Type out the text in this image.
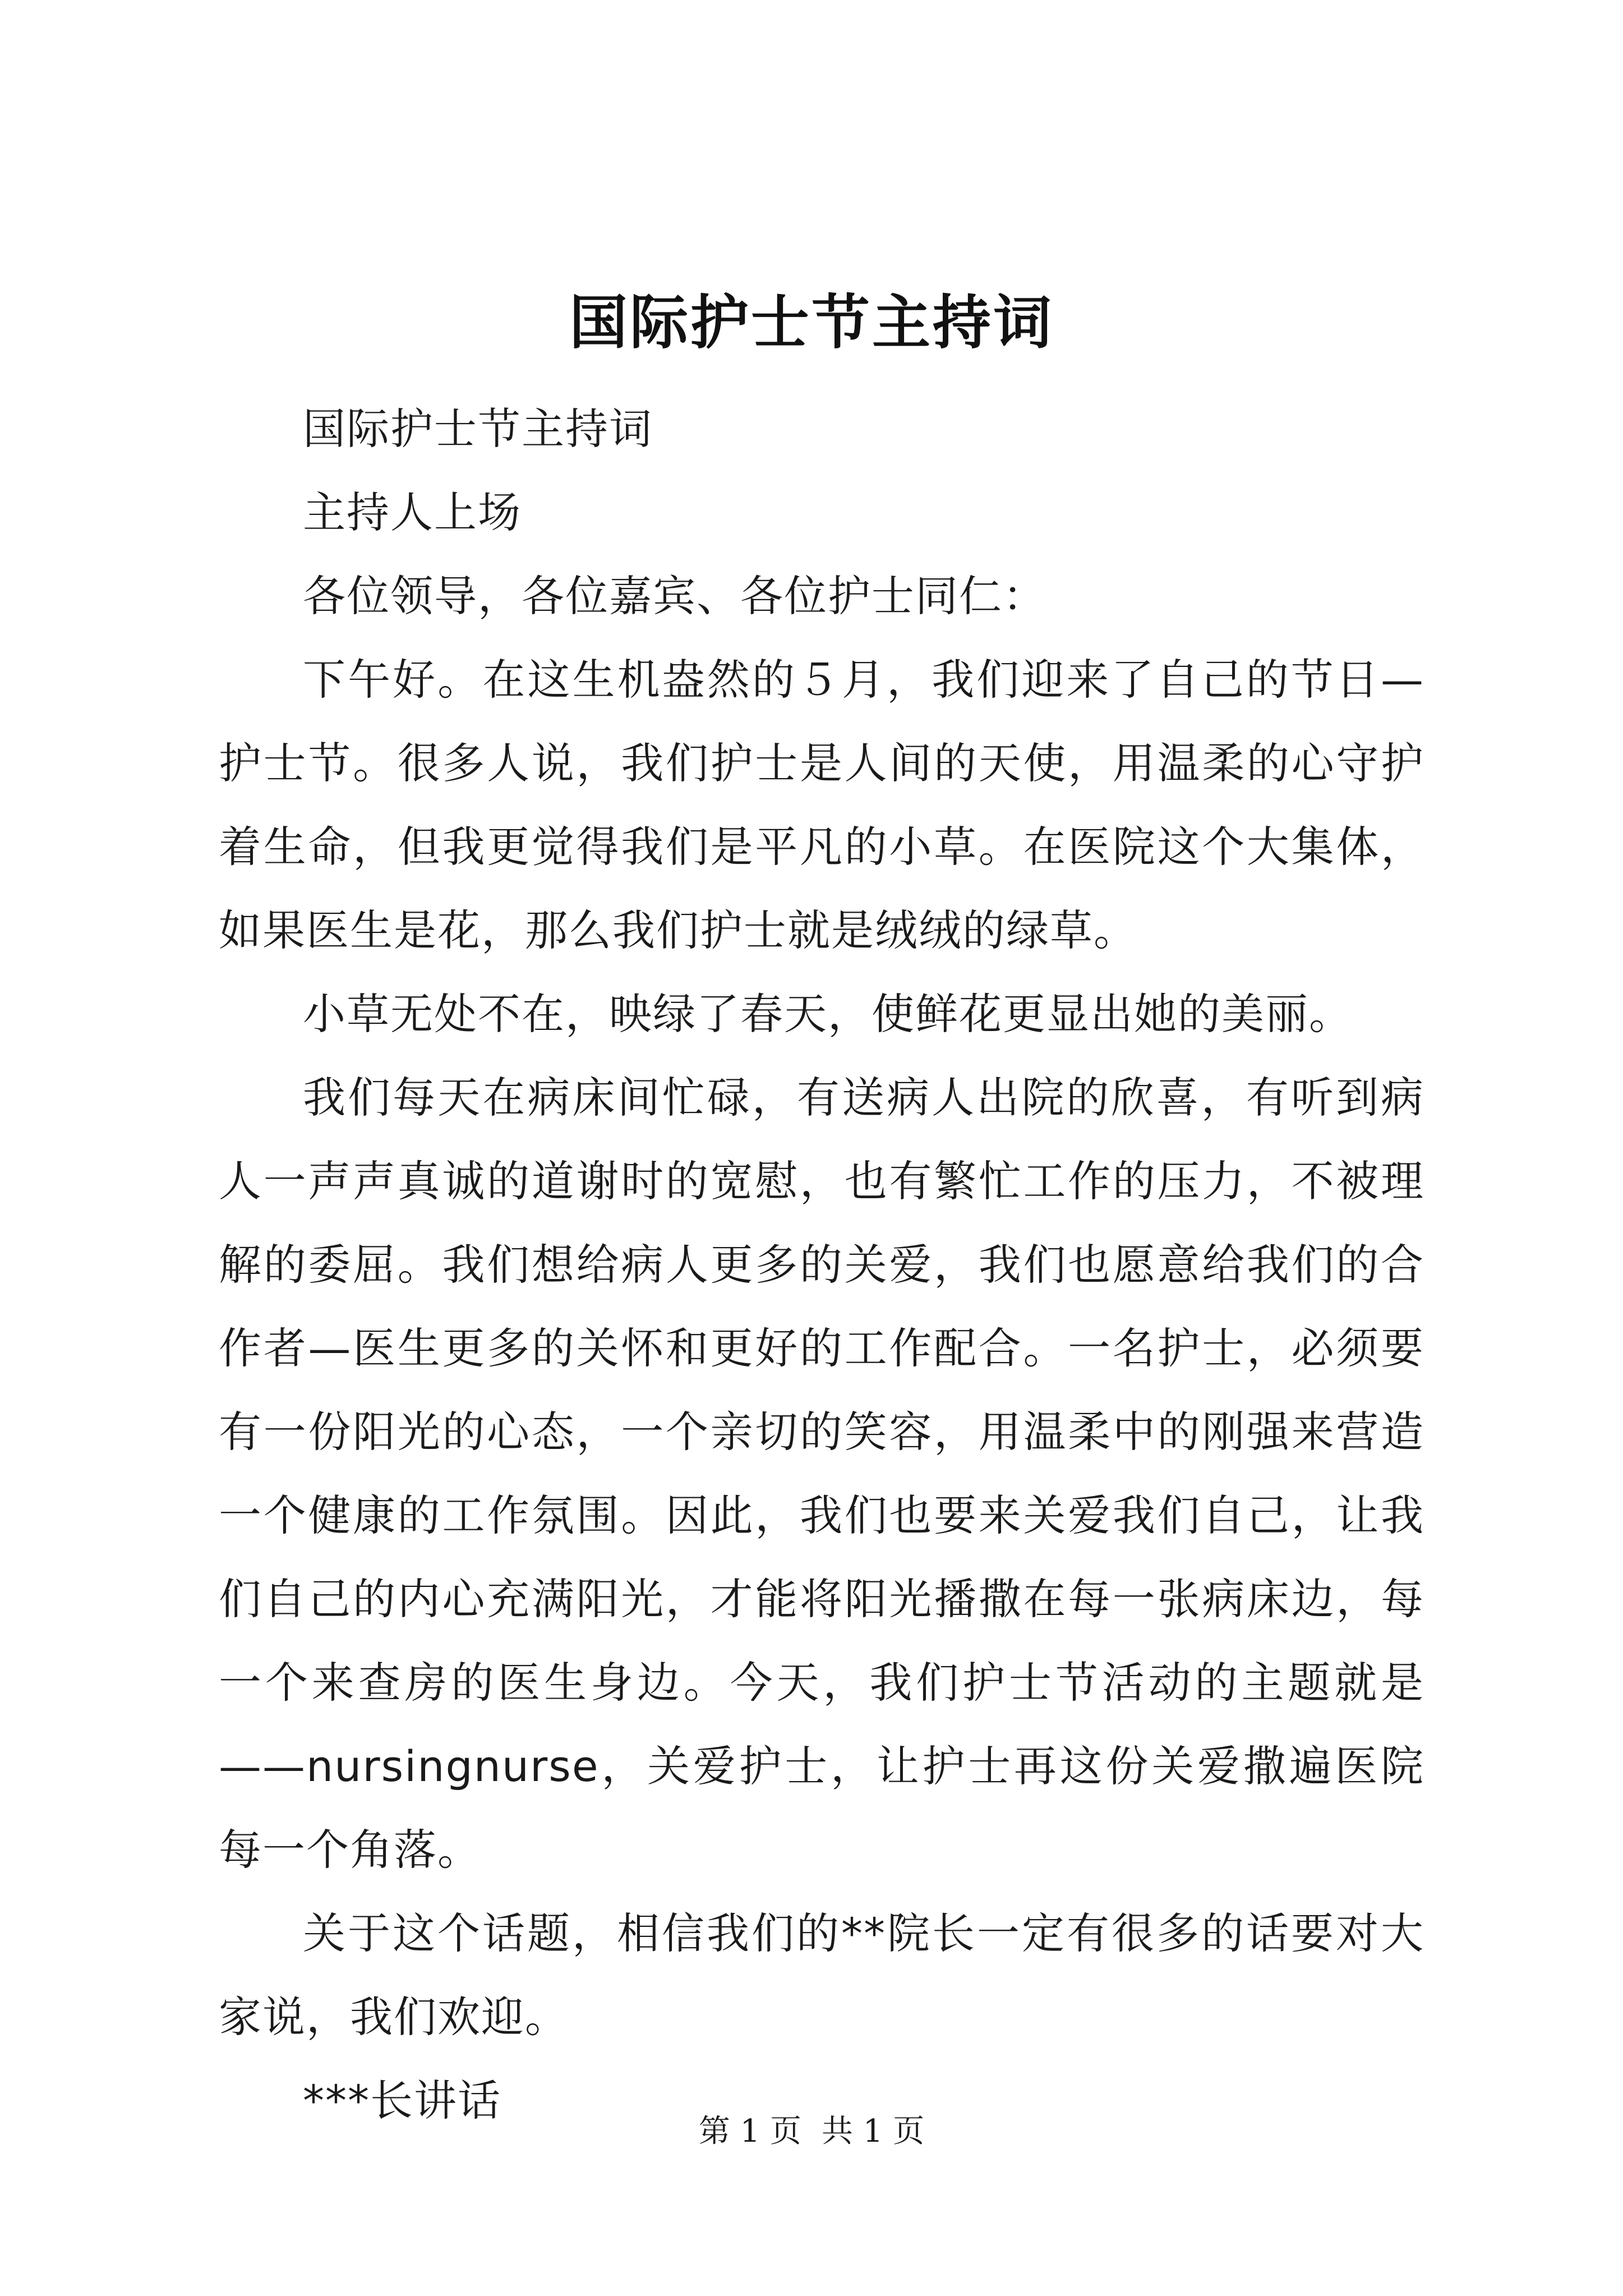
国际护士节主持词

国际护士节主持词

主持人上场

各位领导，各位嘉宾、各位护士同仁：

下午好。在这生机盎然的５月，我们迎来了自己的节日—护士节。很多人说，我们护士是人间的天使，用温柔的心守护着生命，但我更觉得我们是平凡的小草。在医院这个大集体，如果医生是花，那么我们护士就是绒绒的绿草。

小草无处不在，映绿了春天，使鲜花更显出她的美丽。

我们每天在病床间忙碌，有送病人出院的欣喜，有听到病人一声声真诚的道谢时的宽慰，也有繁忙工作的压力，不被理解的委屈。我们想给病人更多的关爱，我们也愿意给我们的合作者—医生更多的关怀和更好的工作配合。一名护士，必须要有一份阳光的心态，一个亲切的笑容，用温柔中的刚强来营造一个健康的工作氛围。因此，我们也要来关爱我们自己，让我们自己的内心充满阳光，才能将阳光播撒在每一张病床边，每一个来查房的医生身边。今天，我们护士节活动的主题就是——nursingnurse，关爱护士，让护士再这份关爱撒遍医院每一个角落。

关于这个话题，相信我们的**院长一定有很多的话要对大家说，我们欢迎。

***长讲话

第 1 页 共 1 页
